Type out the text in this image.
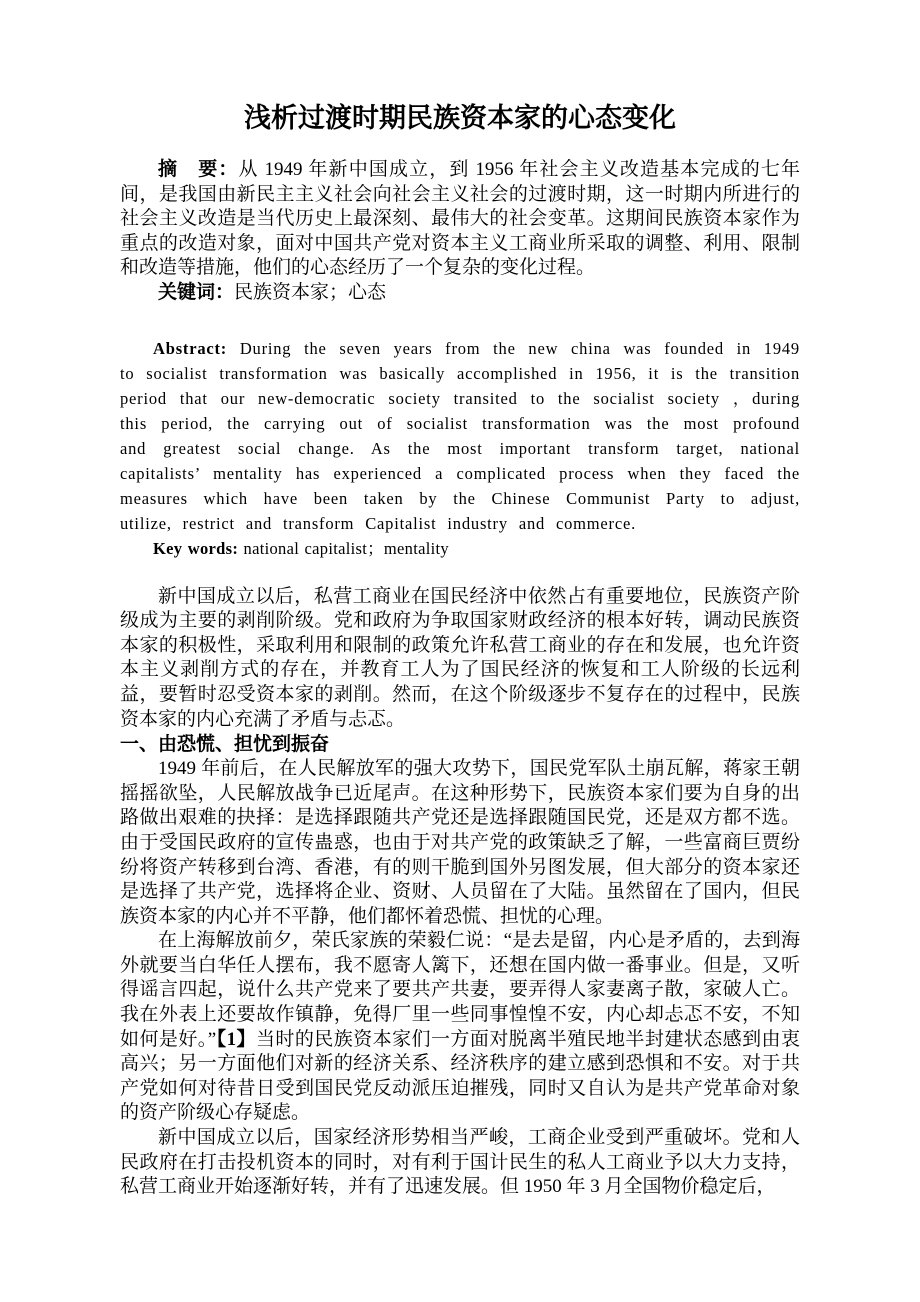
浅析过渡时期民族资本家的心态变化

摘　要：从 1949 年新中国成立，到 1956 年社会主义改造基本完成的七年间，是我国由新民主主义社会向社会主义社会的过渡时期，这一时期内所进行的社会主义改造是当代历史上最深刻、最伟大的社会变革。这期间民族资本家作为重点的改造对象，面对中国共产党对资本主义工商业所采取的调整、利用、限制和改造等措施，他们的心态经历了一个复杂的变化过程。

关键词：民族资本家；心态

Abstract: During the seven years from the new china was founded in 1949 to socialist transformation was basically accomplished in 1956, it is the transition period that our new-democratic society transited to the socialist society ，during this period, the carrying out of socialist transformation was the most profound and greatest social change. As the most important transform target, national capitalists’ mentality has experienced a complicated process when they faced the measures which have been taken by the Chinese Communist Party to adjust, utilize, restrict and transform Capitalist industry and commerce.

Key words: national capitalist；mentality

新中国成立以后，私营工商业在国民经济中依然占有重要地位，民族资产阶级成为主要的剥削阶级。党和政府为争取国家财政经济的根本好转，调动民族资本家的积极性，采取利用和限制的政策允许私营工商业的存在和发展，也允许资本主义剥削方式的存在，并教育工人为了国民经济的恢复和工人阶级的长远利益，要暂时忍受资本家的剥削。然而，在这个阶级逐步不复存在的过程中，民族资本家的内心充满了矛盾与忐忑。

一、由恐慌、担忧到振奋

1949 年前后，在人民解放军的强大攻势下，国民党军队土崩瓦解，蒋家王朝摇摇欲坠，人民解放战争已近尾声。在这种形势下，民族资本家们要为自身的出路做出艰难的抉择：是选择跟随共产党还是选择跟随国民党，还是双方都不选。由于受国民政府的宣传蛊惑，也由于对共产党的政策缺乏了解，一些富商巨贾纷纷将资产转移到台湾、香港，有的则干脆到国外另图发展，但大部分的资本家还是选择了共产党，选择将企业、资财、人员留在了大陆。虽然留在了国内，但民族资本家的内心并不平静，他们都怀着恐慌、担忧的心理。

在上海解放前夕，荣氏家族的荣毅仁说：“是去是留，内心是矛盾的，去到海外就要当白华任人摆布，我不愿寄人篱下，还想在国内做一番事业。但是，又听得谣言四起，说什么共产党来了要共产共妻，要弄得人家妻离子散，家破人亡。我在外表上还要故作镇静，免得厂里一些同事惶惶不安，内心却忐忑不安，不知如何是好。”【1】当时的民族资本家们一方面对脱离半殖民地半封建状态感到由衷高兴；另一方面他们对新的经济关系、经济秩序的建立感到恐惧和不安。对于共产党如何对待昔日受到国民党反动派压迫摧残，同时又自认为是共产党革命对象的资产阶级心存疑虑。

新中国成立以后，国家经济形势相当严峻，工商企业受到严重破坏。党和人民政府在打击投机资本的同时，对有利于国计民生的私人工商业予以大力支持，私营工商业开始逐渐好转，并有了迅速发展。但 1950 年 3 月全国物价稳定后，
